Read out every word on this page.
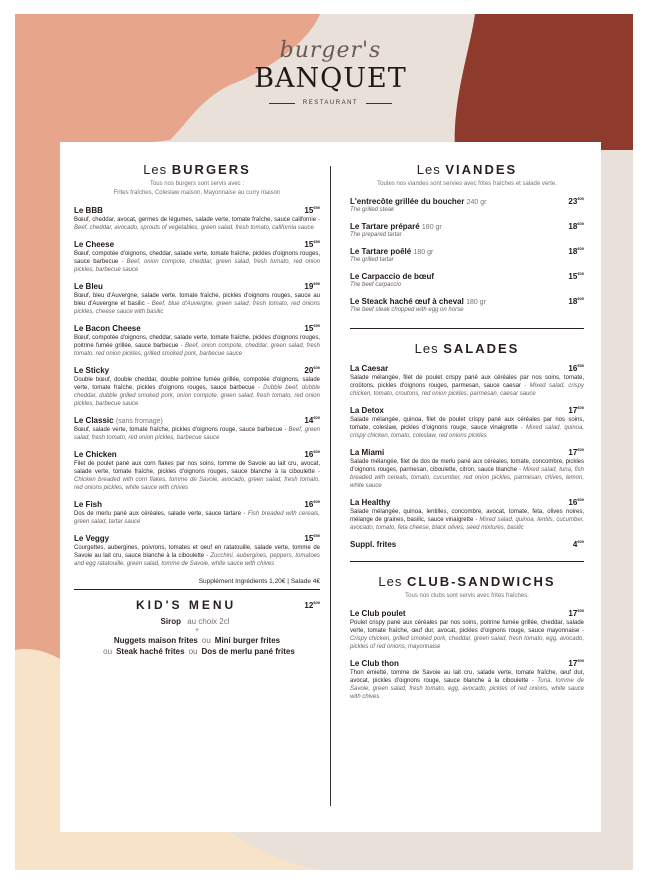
burger's
BANQUET
RESTAURANT
Les BURGERS
Tous nos burgers sont servis avec :
Frites fraîches, Coleslaw maison, Mayonnaise au curry maison
Le BBB	$15^{€90}$
Bœuf, cheddar, avocat, germes de légumes, salade verte, tomate fraîche, sauce californie - Beef, cheddar, avocado, sprouts of vegetables, green salad, fresh tomato, california sauce
Le Cheese	$15^{€90}$
Bœuf, compotée d'oignons, cheddar, salade verte, tomate fraîche, pickles d'oignons rouges, sauce barbecue - Beef, onion compote, cheddar, green salad, fresh tomato, red onion pickles, barbecue sauce
Le Bleu	$19^{€90}$
Bœuf, bleu d'Auvergne, salade verte, tomate fraîche, pickles d'oignons rouges, sauce au bleu d'Auvergne et basilic - Beef, blue d'Auvergne, green salad, fresh tomato, red onions pickles, cheese sauce with basilic
Le Bacon Cheese	$15^{€90}$
Bœuf, compotée d'oignons, cheddar, salade verte, tomate fraîche, pickles d'oignons rouges, poitrine fumée grillée, sauce barbecue - Beef, onion compote, cheddar, green salad, fresh tomato, red onion pickles, grilled smoked pork, barbecue sauce
Le Sticky	$20^{€00}$
Double bœuf, double cheddar, double poitrine fumée grillée, compotée d'oignons, salade verte, tomate fraîche, pickles d'oignons rouges, sauce barbecue - Dubble beef, dubble cheddar, dubble grilled smoked pork, onion compote, green salad, fresh tomato, red onion pickles, barbecue sauce
Le Classic (sans fromage)	$14^{€00}$
Bœuf, salade verte, tomate fraîche, pickles d'oignons rouge, sauce barbecue - Beef, green salad, fresh tomato, red onion pickles, barbecue sauce
Le Chicken	$16^{€00}$
Filet de poulet pané aux corn flakes par nos soins, tomme de Savoie au lait cru, avocat, salade verte, tomate fraîche, pickles d'oignons rouges, sauce blanche à la ciboulette - Chicken breaded with corn flakes, tomme de Savoie, avocado, green salad, fresh tomato, red onions pickles, white sauce with chives
Le Fish	$16^{€00}$
Dos de merlu pané aux céréales, salade verte, sauce tartare - Fish breaded with cereals, green salad, tartar sauce
Le Veggy	$15^{€90}$
Courgettes, aubergines, poivrons, tomates et oeuf en ratatouille, salade verte, tomme de Savoie au lait cru, sauce blanche à la ciboulette - Zucchini, aubergines, peppers, tomatoes and egg ratatouille, green salad, tomme de Savoie, white sauce with chives
Supplément Ingrédients 1,20€ | Salade 4€
KID'S MENU	$12^{€00}$
Sirop au choix 2cl
+
Nuggets maison frites ou Mini burger frites
ou Steak haché frites ou Dos de merlu pané frites
Les VIANDES
Toutes nos viandes sont servies avec frites fraîches et salade verte.
L'entrecôte grillée du boucher 240 gr	$23^{€00}$
The grilled steak
Le Tartare préparé 180 gr	$18^{€00}$
The prepared tartar
Le Tartare poêlé 180 gr	$18^{€00}$
The grilled tartar
Le Carpaccio de bœuf	$15^{€00}$
The beef carpaccio
Le Steack haché œuf à cheval 180 gr	$18^{€00}$
The beef steak chopped with egg on horse
Les SALADES
La Caesar	$16^{€50}$
Salade mélangée, filet de poulet crispy pané aux céréales par nos soins, tomate, croûtons, pickles d'oignons rouges, parmesan, sauce caesar - Mixed salad, crispy chicken, tomato, croutons, red onion pickles, parmesan, caesar sauce
La Detox	$17^{€00}$
Salade mélangée, quinoa, filet de poulet crispy pané aux céréales par nos soins, tomate, coleslaw, pickles d'oignons rouge, sauce vinaigrette - Mixed salad, quinoa, crispy chicken, tomato, coleslaw, red onions pickles
La Miami	$17^{€00}$
Salade mélangée, filet de dos de merlu pané aux céréales, tomate, concombre, pickles d'oignons rouges, parmesan, ciboulette, citron, sauce blanche - Mixed salad, tuna, fish breaded with cereals, tomato, cucumber, red onion pickles, parmesan, chives, lemon, white sauce
La Healthy	$16^{€00}$
Salade mélangée, quinoa, lentilles, concombre, avocat, tomate, feta, olives noires, mélange de graines, basilic, sauce vinaigrette - Mixed salad, quinoa, lentils, cucumber, avocado, tomato, feta cheese, black olives, seed mixtures, basilic
Suppl. frites	$4^{€00}$
Les CLUB-SANDWICHS
Tous nos clubs sont servis avec frites fraîches.
Le Club poulet	$17^{€00}$
Poulet crispy pané aux céréales par nos soins, poitrine fumée grillée, cheddar, salade verte, tomate fraîche, œuf dur, avocat, pickles d'oignons rouge, sauce mayonnaise - Crispy chicken, grilled smoked pork, cheddar, green salad, fresh tomato, egg, avocado, pickles of red onions, mayonnaise
Le Club thon	$17^{€00}$
Thon émietté, tomme de Savoie au lait cru, salade verte, tomate fraîche, œuf dur, avocat, pickles d'oignons rouge, sauce blanche à la ciboulette - Tuna, tomme de Savoie, green salad, fresh tomato, egg, avocado, pickles of red onions, white sauce with chives
